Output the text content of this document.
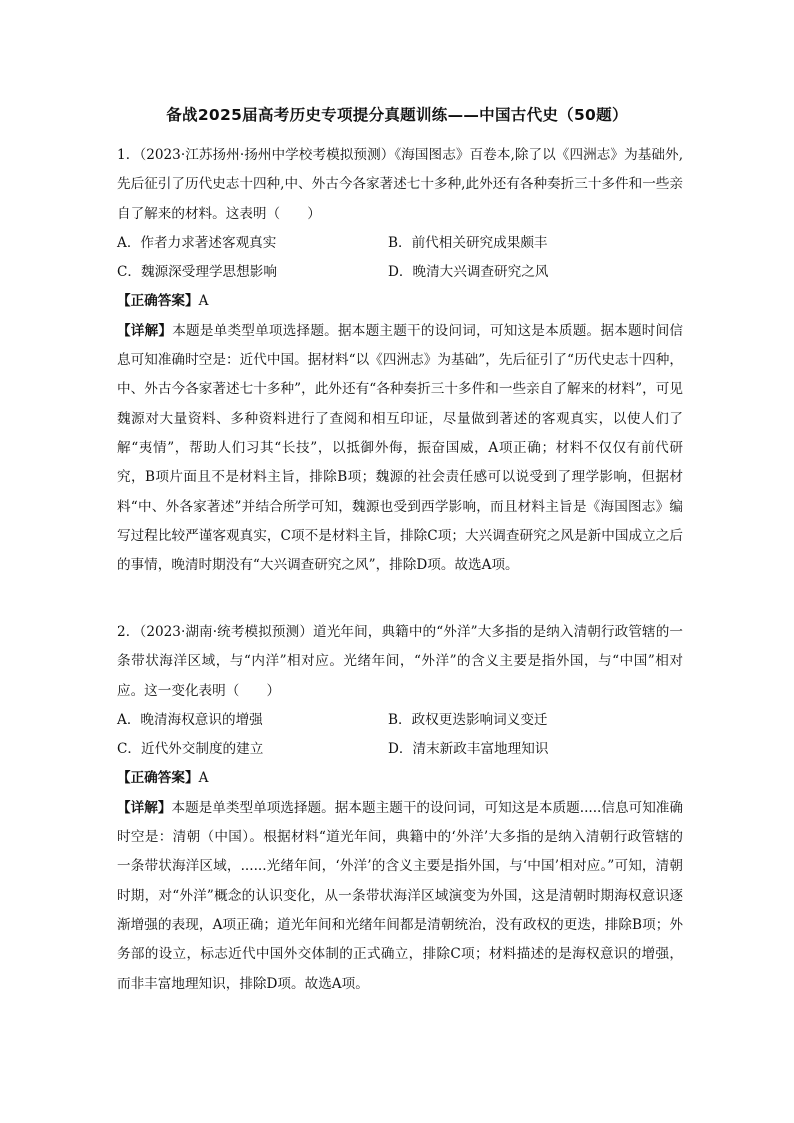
备战2025届高考历史专项提分真题训练——中国古代史（50题）

1．（2023·江苏扬州·扬州中学校考模拟预测）《海国图志》百卷本,除了以《四洲志》为基础外,先后征引了历代史志十四种,中、外古今各家著述七十多种,此外还有各种奏折三十多件和一些亲自了解来的材料。这表明（　　）

A．作者力求著述客观真实	B．前代相关研究成果颇丰
C．魏源深受理学思想影响	D．晚清大兴调查研究之风

【正确答案】A

【详解】本题是单类型单项选择题。据本题主题干的设问词，可知这是本质题。据本题时间信息可知准确时空是：近代中国。据材料“以《四洲志》为基础”，先后征引了“历代史志十四种，中、外古今各家著述七十多种”，此外还有“各种奏折三十多件和一些亲自了解来的材料”，可见魏源对大量资料、多种资料进行了查阅和相互印证，尽量做到著述的客观真实，以使人们了解“夷情”，帮助人们习其“长技”，以抵御外侮，振奋国威，A项正确；材料不仅仅有前代研究，B项片面且不是材料主旨，排除B项；魏源的社会责任感可以说受到了理学影响，但据材料“中、外各家著述”并结合所学可知，魏源也受到西学影响，而且材料主旨是《海国图志》编写过程比较严谨客观真实，C项不是材料主旨，排除C项；大兴调查研究之风是新中国成立之后的事情，晚清时期没有“大兴调查研究之风”，排除D项。故选A项。

2．（2023·湖南·统考模拟预测）道光年间，典籍中的“外洋”大多指的是纳入清朝行政管辖的一条带状海洋区域，与“内洋”相对应。光绪年间，“外洋”的含义主要是指外国，与“中国”相对应。这一变化表明（　　）

A．晚清海权意识的增强	B．政权更迭影响词义变迁
C．近代外交制度的建立	D．清末新政丰富地理知识

【正确答案】A

【详解】本题是单类型单项选择题。据本题主题干的设问词，可知这是本质题.....信息可知准确时空是：清朝（中国）。根据材料“道光年间，典籍中的‘外洋’大多指的是纳入清朝行政管辖的一条带状海洋区域，......光绪年间，‘外洋’的含义主要是指外国，与‘中国’相对应。”可知，清朝时期，对“外洋”概念的认识变化，从一条带状海洋区域演变为外国，这是清朝时期海权意识逐渐增强的表现，A项正确；道光年间和光绪年间都是清朝统治，没有政权的更迭，排除B项；外务部的设立，标志近代中国外交体制的正式确立，排除C项；材料描述的是海权意识的增强，而非丰富地理知识，排除D项。故选A项。
